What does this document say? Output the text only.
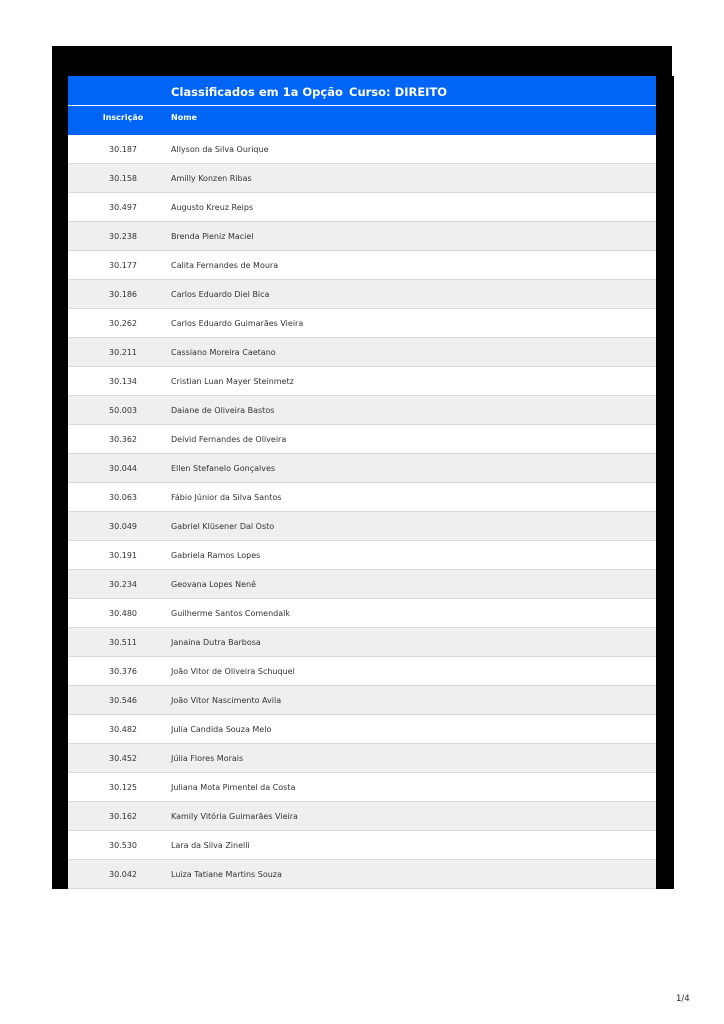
Classificados em 1a Opção Curso: DIREITO
Inscrição	Nome
30.187	Allyson da Silva Ourique
30.158	Amilly Konzen Ribas
30.497	Augusto Kreuz Reips
30.238	Brenda Pieniz Maciel
30.177	Calita Fernandes de Moura
30.186	Carlos Eduardo Diel Bica
30.262	Carlos Eduardo Guimarães Vieira
30.211	Cassiano Moreira Caetano
30.134	Cristian Luan Mayer Steinmetz
50.003	Daiane de Oliveira Bastos
30.362	Deivid Fernandes de Oliveira
30.044	Ellen Stefanelo Gonçalves
30.063	Fábio Júnior da Silva Santos
30.049	Gabriel Klüsener Dal Osto
30.191	Gabriela Ramos Lopes
30.234	Geovana Lopes Nenê
30.480	Guilherme Santos Comendalk
30.511	Janaina Dutra Barbosa
30.376	João Vitor de Oliveira Schuquel
30.546	João Vitor Nascimento Avila
30.482	Julia Candida Souza Melo
30.452	Júlia Flores Morais
30.125	Juliana Mota Pimentel da Costa
30.162	Kamily Vitória Guimarães Vieira
30.530	Lara da Silva Zinelli
30.042	Luiza Tatiane Martins Souza
1/4
